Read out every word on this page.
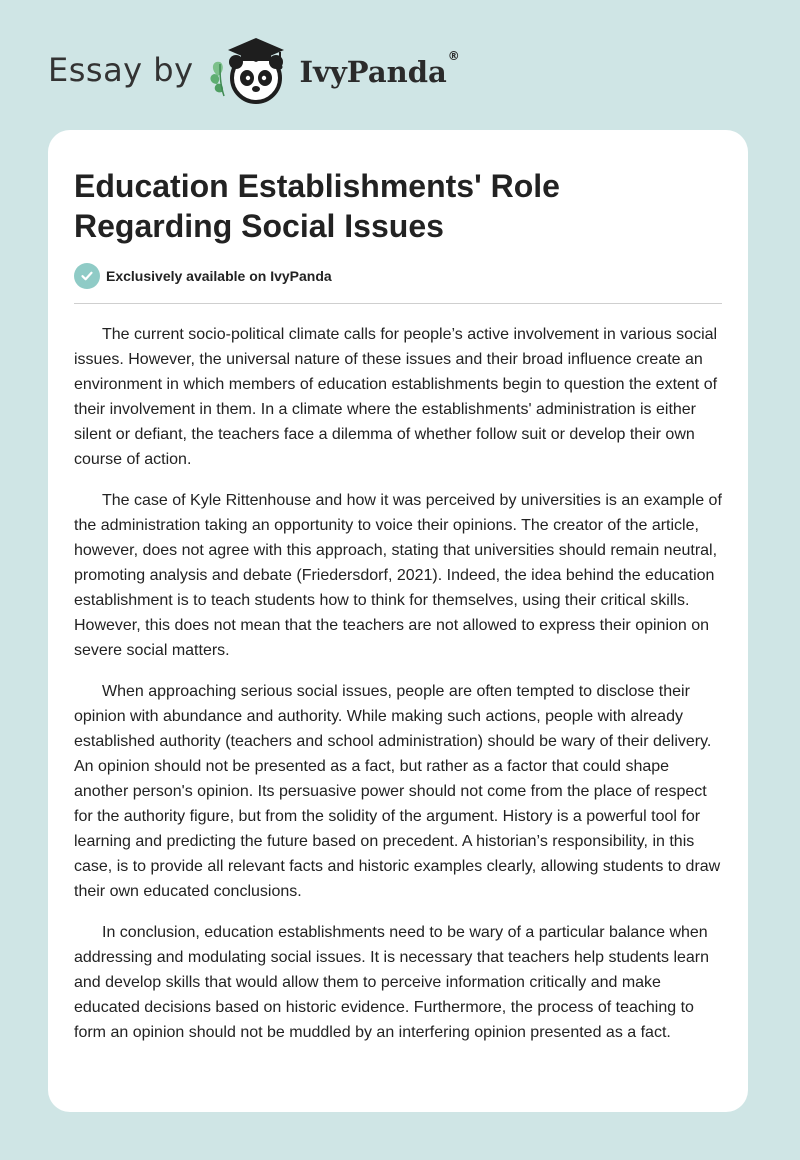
Essay by	IvyPanda ®
Education Establishments' Role Regarding Social Issues
Exclusively available on IvyPanda

The current socio-political climate calls for people’s active involvement in various social issues. However, the universal nature of these issues and their broad influence create an environment in which members of education establishments begin to question the extent of their involvement in them. In a climate where the establishments' administration is either silent or defiant, the teachers face a dilemma of whether follow suit or develop their own course of action.

The case of Kyle Rittenhouse and how it was perceived by universities is an example of the administration taking an opportunity to voice their opinions. The creator of the article, however, does not agree with this approach, stating that universities should remain neutral, promoting analysis and debate (Friedersdorf, 2021). Indeed, the idea behind the education establishment is to teach students how to think for themselves, using their critical skills. However, this does not mean that the teachers are not allowed to express their opinion on severe social matters.

When approaching serious social issues, people are often tempted to disclose their opinion with abundance and authority. While making such actions, people with already established authority (teachers and school administration) should be wary of their delivery. An opinion should not be presented as a fact, but rather as a factor that could shape another person's opinion. Its persuasive power should not come from the place of respect for the authority figure, but from the solidity of the argument. History is a powerful tool for learning and predicting the future based on precedent. A historian’s responsibility, in this case, is to provide all relevant facts and historic examples clearly, allowing students to draw their own educated conclusions.

In conclusion, education establishments need to be wary of a particular balance when addressing and modulating social issues. It is necessary that teachers help students learn and develop skills that would allow them to perceive information critically and make educated decisions based on historic evidence. Furthermore, the process of teaching to form an opinion should not be muddled by an interfering opinion presented as a fact.
